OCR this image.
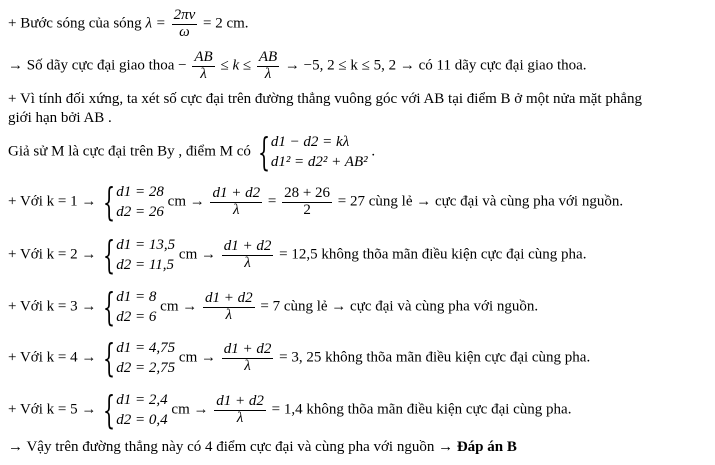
+ Bước sóng của sóng $\lambda = \frac{2\pi v}{\omega} = 2$ cm.
→ Số dãy cực đại giao thoa − $\frac{AB}{\lambda} \le k \le \frac{AB}{\lambda} \to -5$, 2 ≤ k ≤ 5, 2 → có 11 dãy cực đại giao thoa.
+ Vì tính đối xứng, ta xét số cực đại trên đường thẳng vuông góc với AB tại điểm B ở một nửa mặt phẳng
giới hạn bởi AB .
Giả sử M là cực đại trên By , điểm M có { d1 − d2 = kλ
d1² = d2² + AB²
.
+ Với k = 1 → { d1 = 28
d2 = 26
cm → $\frac{d1 + d2}{\lambda} = \frac{28 + 26}{2} = 27$ cùng lẻ → cực đại và cùng pha với nguồn.
+ Với k = 2 → { d1 = 13,5
d2 = 11,5
cm → $\frac{d1 + d2}{\lambda} = 12,5$ không thõa mãn điều kiện cực đại cùng pha.
+ Với k = 3 → { d1 = 8
d2 = 6
cm → $\frac{d1 + d2}{\lambda} = 7$ cùng lẻ → cực đại và cùng pha với nguồn.
+ Với k = 4 → { d1 = 4,75
d2 = 2,75
cm → $\frac{d1 + d2}{\lambda} = 3$, 25 không thõa mãn điều kiện cực đại cùng pha.
+ Với k = 5 → { d1 = 2,4
d2 = 0,4
cm → $\frac{d1 + d2}{\lambda} = 1,4$ không thõa mãn điều kiện cực đại cùng pha.
→ Vậy trên đường thẳng này có 4 điểm cực đại và cùng pha với nguồn → Đáp án B
